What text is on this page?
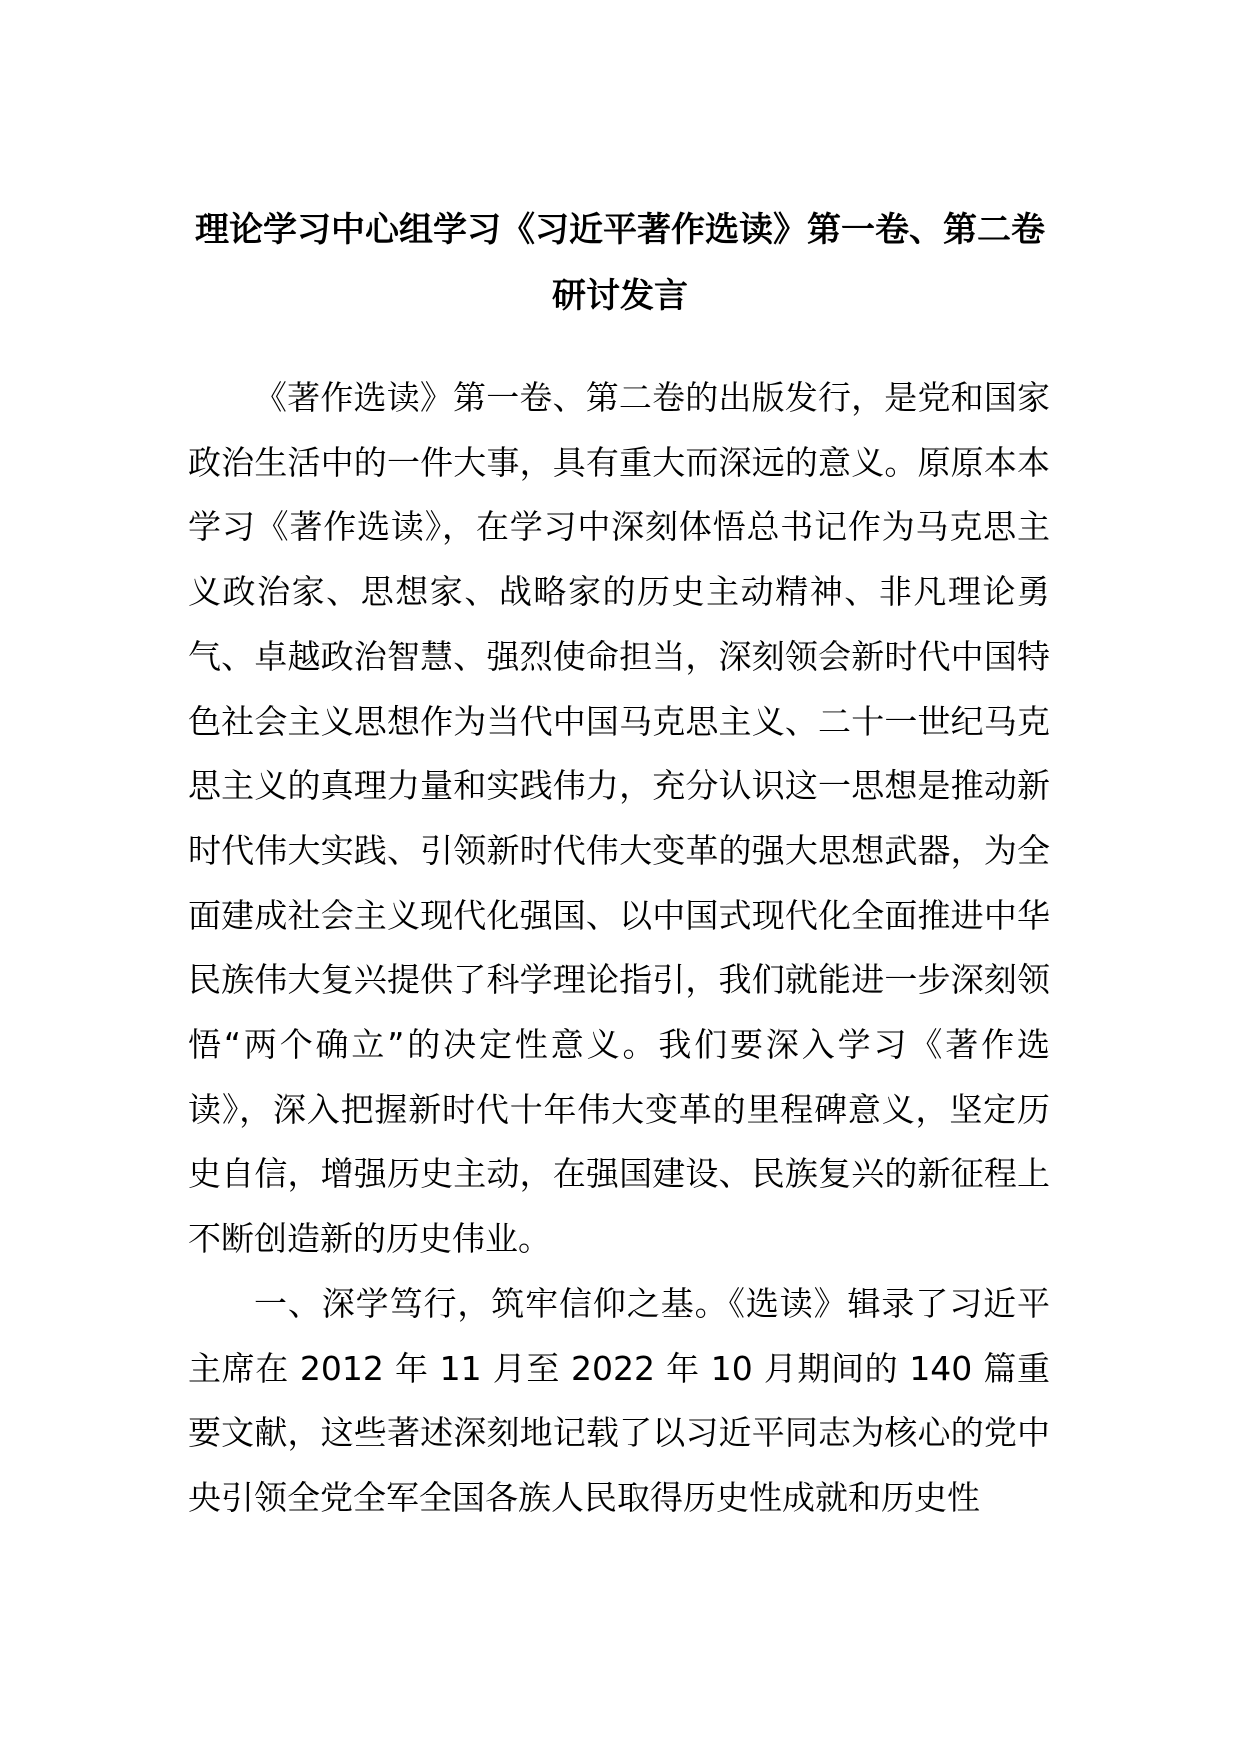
理论学习中心组学习《习近平著作选读》第一卷、第二卷
研讨发言

《著作选读》第一卷、第二卷的出版发行，是党和国家政治生活中的一件大事，具有重大而深远的意义。原原本本学习《著作选读》，在学习中深刻体悟总书记作为马克思主义政治家、思想家、战略家的历史主动精神、非凡理论勇气、卓越政治智慧、强烈使命担当，深刻领会新时代中国特色社会主义思想作为当代中国马克思主义、二十一世纪马克思主义的真理力量和实践伟力，充分认识这一思想是推动新时代伟大实践、引领新时代伟大变革的强大思想武器，为全面建成社会主义现代化强国、以中国式现代化全面推进中华民族伟大复兴提供了科学理论指引，我们就能进一步深刻领悟“两个确立”的决定性意义。我们要深入学习《著作选读》，深入把握新时代十年伟大变革的里程碑意义，坚定历史自信，增强历史主动，在强国建设、民族复兴的新征程上不断创造新的历史伟业。

一、深学笃行，筑牢信仰之基。《选读》辑录了习近平主席在 2012 年 11 月至 2022 年 10 月期间的 140 篇重要文献，这些著述深刻地记载了以习近平同志为核心的党中央引领全党全军全国各族人民取得历史性成就和历史性
